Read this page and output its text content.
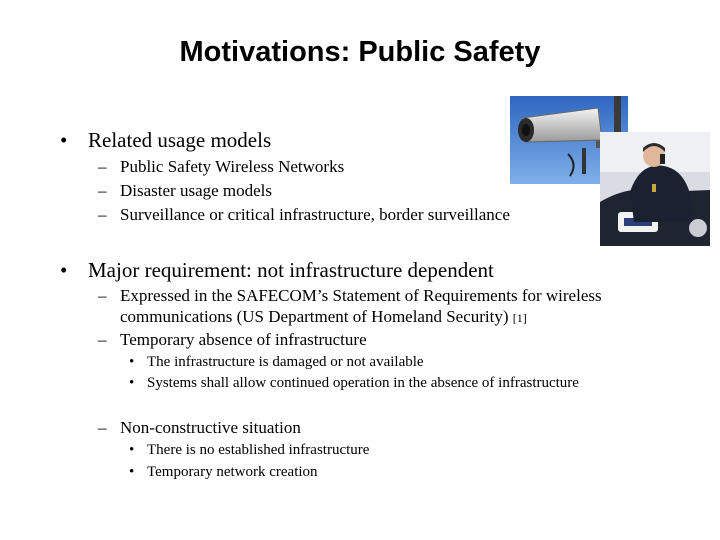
Motivations: Public Safety
• Related usage models
– Public Safety Wireless Networks
– Disaster usage models
– Surveillance or critical infrastructure, border surveillance
• Major requirement: not infrastructure dependent
– Expressed in the SAFECOM’s Statement of Requirements for wireless
communications (US Department of Homeland Security) [1]
– Temporary absence of infrastructure
• The infrastructure is damaged or not available
• Systems shall allow continued operation in the absence of infrastructure
– Non-constructive situation
• There is no established infrastructure
• Temporary network creation
